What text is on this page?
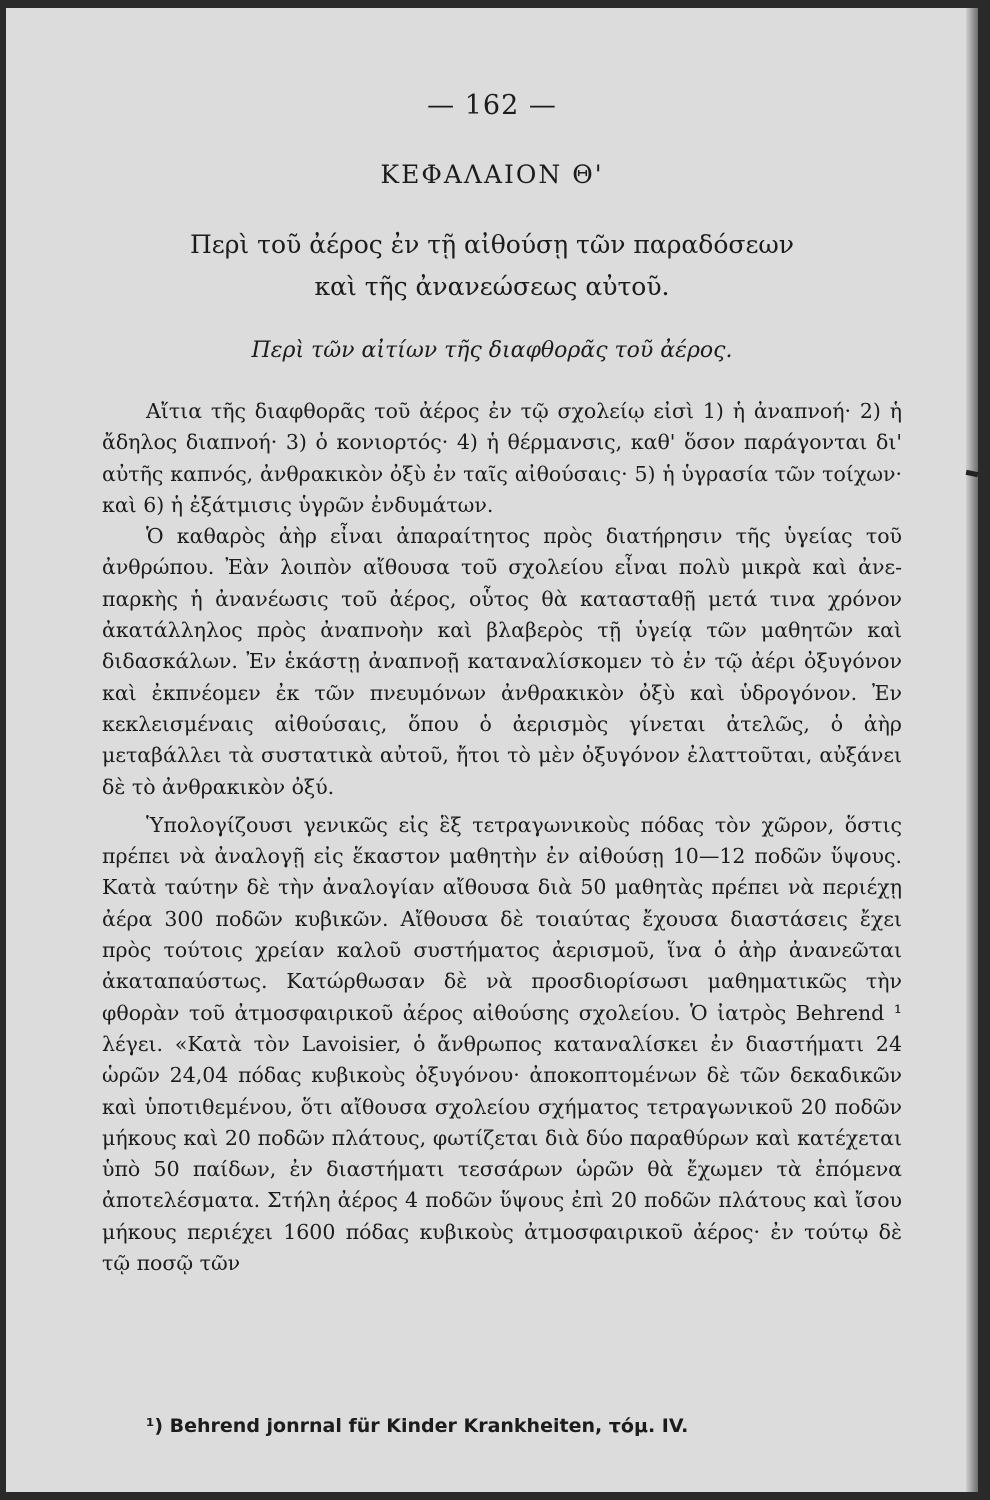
— 162 —
ΚΕΦΑΛΑΙΟΝ Θ'
Περὶ τοῦ ἀέρος ἐν τῇ αἰθούσῃ τῶν παραδόσεων
καὶ τῆς ἀνανεώσεως αὐτοῦ.
Περὶ τῶν αἰτίων τῆς διαφθορᾶς τοῦ ἀέρος.

Αἴτια τῆς διαφθορᾶς τοῦ ἀέρος ἐν τῷ σχολείῳ εἰσὶ 1) ἡ ἀναπνοή· 2) ἡ ἄδηλος διαπνοή· 3) ὁ κονιορτός· 4) ἡ θέρμανσις, καθ' ὅσον παράγονται δι' αὐτῆς καπνός, ἀνθρακικὸν ὀξὺ ἐν ταῖς αἰθούσαις· 5) ἡ ὑγρασία τῶν τοίχων· καὶ 6) ἡ ἐξάτμισις ὑγρῶν ἐνδυμάτων.

Ὁ καθαρὸς ἀὴρ εἶναι ἀπαραίτητος πρὸς διατήρησιν τῆς ὑγείας τοῦ ἀνθρώπου. Ἐὰν λοιπὸν αἴθουσα τοῦ σχολείου εἶναι πολὺ μικρὰ καὶ ἀνεπαρκὴς ἡ ἀνανέωσις τοῦ ἀέρος, οὗτος θὰ κατασταθῇ μετά τινα χρόνον ἀκατάλληλος πρὸς ἀναπνοὴν καὶ βλαβερὸς τῇ ὑγείᾳ τῶν μαθητῶν καὶ διδασκάλων. Ἐν ἑκάστῃ ἀναπνοῇ καταναλίσκομεν τὸ ἐν τῷ ἀέρι ὀξυγόνον καὶ ἐκπνέομεν ἐκ τῶν πνευμόνων ἀνθρακικὸν ὀξὺ καὶ ὑδρογόνον. Ἐν κεκλεισμέναις αἰθούσαις, ὅπου ὁ ἀερισμὸς γίνεται ἀτελῶς, ὁ ἀὴρ μεταβάλλει τὰ συστατικὰ αὐτοῦ, ἤτοι τὸ μὲν ὀξυγόνον ἐλαττοῦται, αὐξάνει δὲ τὸ ἀνθρακικὸν ὀξύ.

Ὑπολογίζουσι γενικῶς εἰς ἓξ τετραγωνικοὺς πόδας τὸν χῶρον, ὅστις πρέπει νὰ ἀναλογῇ εἰς ἕκαστον μαθητὴν ἐν αἰθούσῃ 10—12 ποδῶν ὕψους. Κατὰ ταύτην δὲ τὴν ἀναλογίαν αἴθουσα διὰ 50 μαθητὰς πρέπει νὰ περιέχῃ ἀέρα 300 ποδῶν κυβικῶν. Αἴθουσα δὲ τοιαύτας ἔχουσα διαστάσεις ἔχει πρὸς τούτοις χρείαν καλοῦ συστήματος ἀερισμοῦ, ἵνα ὁ ἀὴρ ἀνανεῶται ἀκαταπαύστως. Κατώρθωσαν δὲ νὰ προσδιορίσωσι μαθηματικῶς τὴν φθορὰν τοῦ ἀτμοσφαιρικοῦ ἀέρος αἰθούσης σχολείου. Ὁ ἰατρὸς Behrend ¹ λέγει. «Κατὰ τὸν Lavoisier, ὁ ἄνθρωπος καταναλίσκει ἐν διαστήματι 24 ὡρῶν 24,04 πόδας κυβικοὺς ὀξυγόνου· ἀποκοπτομένων δὲ τῶν δεκαδικῶν καὶ ὑποτιθεμένου, ὅτι αἴθουσα σχολείου σχήματος τετραγωνικοῦ 20 ποδῶν μήκους καὶ 20 ποδῶν πλάτους, φωτίζεται διὰ δύο παραθύρων καὶ κατέχεται ὑπὸ 50 παίδων, ἐν διαστήματι τεσσάρων ὡρῶν θὰ ἔχωμεν τὰ ἑπόμενα ἀποτελέσματα. Στήλη ἀέρος 4 ποδῶν ὕψους ἐπὶ 20 ποδῶν πλάτους καὶ ἴσου μήκους περιέχει 1600 πόδας κυβικοὺς ἀτμοσφαιρικοῦ ἀέρος· ἐν τούτῳ δὲ τῷ ποσῷ τῶν

¹) Behrend jonrnal für Kinder Krankheiten, τόμ. IV.
